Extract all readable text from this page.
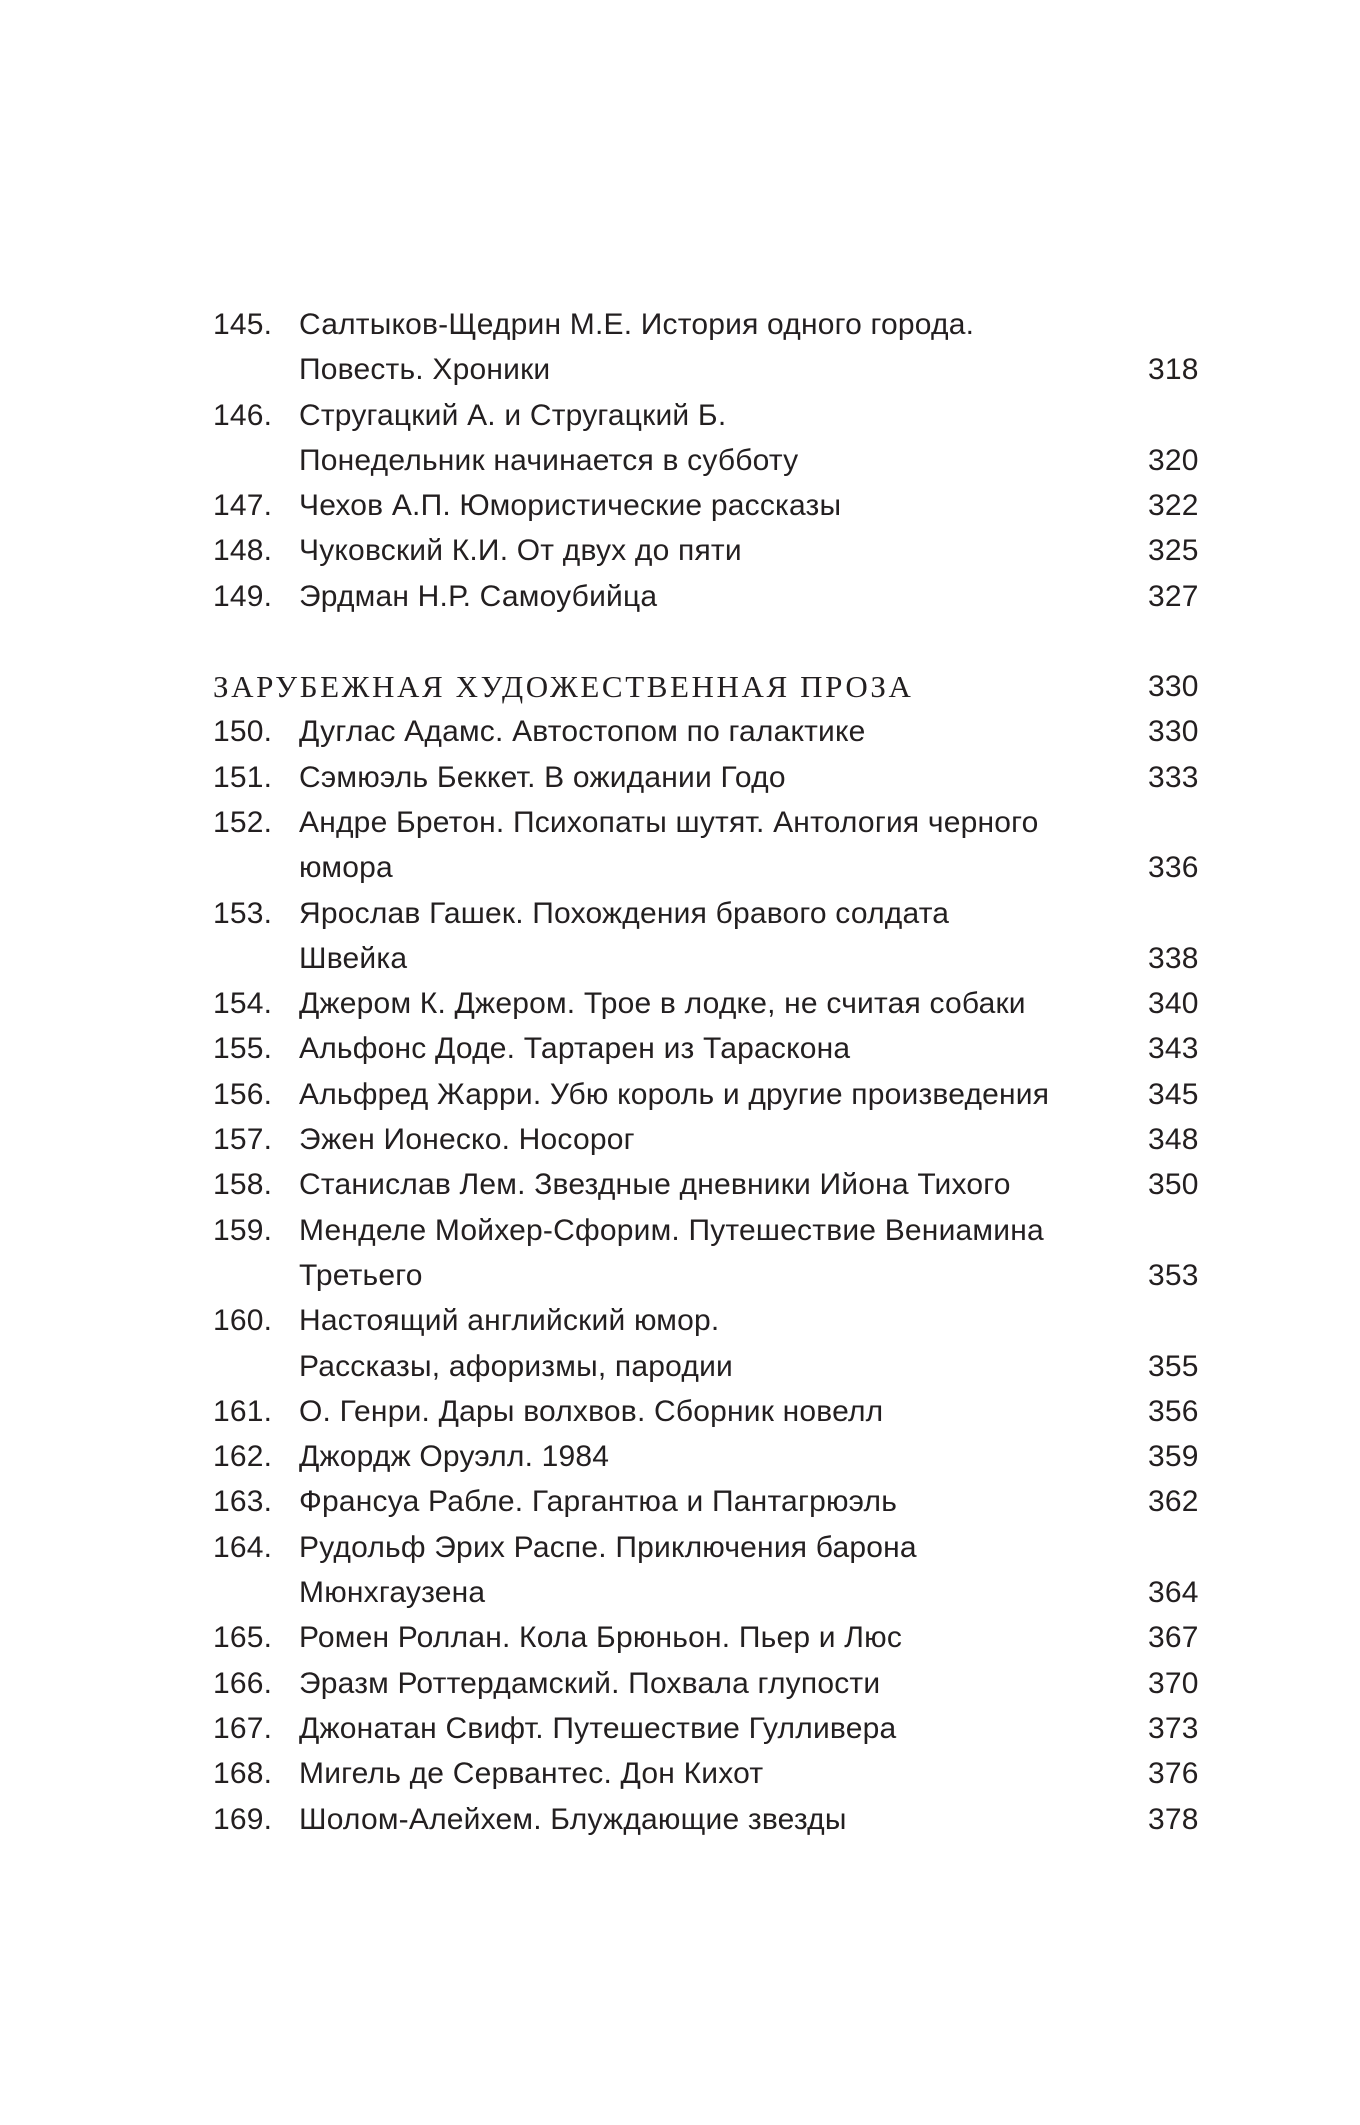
145. Салтыков-Щедрин М.Е. История одного города.
Повесть. Хроники	318
146. Стругацкий А. и Стругацкий Б.
Понедельник начинается в субботу	320
147. Чехов А.П. Юмористические рассказы	322
148. Чуковский К.И. От двух до пяти	325
149. Эрдман Н.Р. Самоубийца	327
ЗАРУБЕЖНАЯ ХУДОЖЕСТВЕННАЯ ПРОЗА	330
150. Дуглас Адамс. Автостопом по галактике	330
151. Сэмюэль Беккет. В ожидании Годо	333
152. Андре Бретон. Психопаты шутят. Антология черного
юмора	336
153. Ярослав Гашек. Похождения бравого солдата
Швейка	338
154. Джером К. Джером. Трое в лодке, не считая собаки	340
155. Альфонс Доде. Тартарен из Тараскона	343
156. Альфред Жарри. Убю король и другие произведения	345
157. Эжен Ионеско. Носорог	348
158. Станислав Лем. Звездные дневники Ийона Тихого	350
159. Менделе Мойхер-Сфорим. Путешествие Вениамина
Третьего	353
160. Настоящий английский юмор.
Рассказы, афоризмы, пародии	355
161. О. Генри. Дары волхвов. Сборник новелл	356
162. Джордж Оруэлл. 1984	359
163. Франсуа Рабле. Гаргантюа и Пантагрюэль	362
164. Рудольф Эрих Распе. Приключения барона
Мюнхгаузена	364
165. Ромен Роллан. Кола Брюньон. Пьер и Люс	367
166. Эразм Роттердамский. Похвала глупости	370
167. Джонатан Свифт. Путешествие Гулливера	373
168. Мигель де Сервантес. Дон Кихот	376
169. Шолом-Алейхем. Блуждающие звезды	378
